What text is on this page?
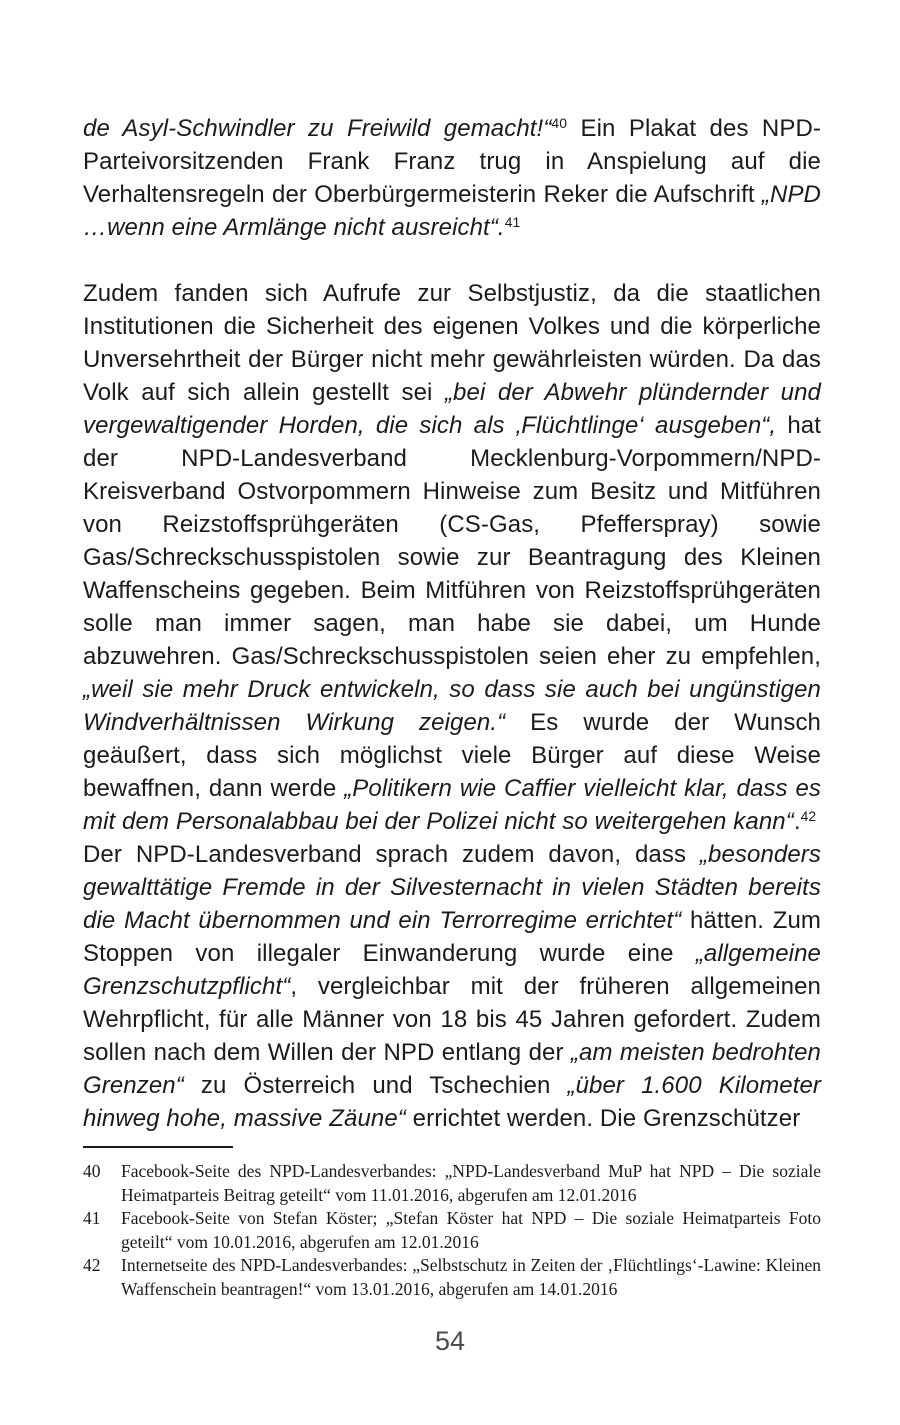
de Asyl-Schwindler zu Freiwild gemacht!“$^{40}$ Ein Plakat des NPD-Parteivorsitzenden Frank Franz trug in Anspielung auf die Verhaltensregeln der Oberbürgermeisterin Reker die Aufschrift „NPD …wenn eine Armlänge nicht ausreicht“.$^{41}$

Zudem fanden sich Aufrufe zur Selbstjustiz, da die staatlichen Institutionen die Sicherheit des eigenen Volkes und die körperliche Unversehrtheit der Bürger nicht mehr gewährleisten würden. Da das Volk auf sich allein gestellt sei „bei der Abwehr plündernder und vergewaltigender Horden, die sich als ‚Flüchtlinge‘ ausgeben“, hat der NPD-Landesverband Mecklenburg-Vorpommern/NPD-Kreisverband Ostvorpommern Hinweise zum Besitz und Mitführen von Reizstoffsprühgeräten (CS-Gas, Pfefferspray) sowie Gas/Schreckschusspistolen sowie zur Beantragung des Kleinen Waffenscheins gegeben. Beim Mitführen von Reizstoffsprühgeräten solle man immer sagen, man habe sie dabei, um Hunde abzuwehren. Gas/Schreckschusspistolen seien eher zu empfehlen, „weil sie mehr Druck entwickeln, so dass sie auch bei ungünstigen Windverhältnissen Wirkung zeigen.“ Es wurde der Wunsch geäußert, dass sich möglichst viele Bürger auf diese Weise bewaffnen, dann werde „Politikern wie Caffier vielleicht klar, dass es mit dem Personalabbau bei der Polizei nicht so weitergehen kann“.$^{42}$

Der NPD-Landesverband sprach zudem davon, dass „besonders gewalttätige Fremde in der Silvesternacht in vielen Städten bereits die Macht übernommen und ein Terrorregime errichtet“ hätten. Zum Stoppen von illegaler Einwanderung wurde eine „allgemeine Grenzschutzpflicht“, vergleichbar mit der früheren allgemeinen Wehrpflicht, für alle Männer von 18 bis 45 Jahren gefordert. Zudem sollen nach dem Willen der NPD entlang der „am meisten bedrohten Grenzen“ zu Österreich und Tschechien „über 1.600 Kilometer hinweg hohe, massive Zäune“ errichtet werden. Die Grenzschützer

40	Facebook-Seite des NPD-Landesverbandes: „NPD-Landesverband MuP hat NPD – Die soziale Heimatparteis Beitrag geteilt“ vom 11.01.2016, abgerufen am 12.01.2016
41	Facebook-Seite von Stefan Köster; „Stefan Köster hat NPD – Die soziale Heimatparteis Foto geteilt“ vom 10.01.2016, abgerufen am 12.01.2016
42	Internetseite des NPD-Landesverbandes: „Selbstschutz in Zeiten der ‚Flüchtlings‘-Lawine: Kleinen Waffenschein beantragen!“ vom 13.01.2016, abgerufen am 14.01.2016
54
